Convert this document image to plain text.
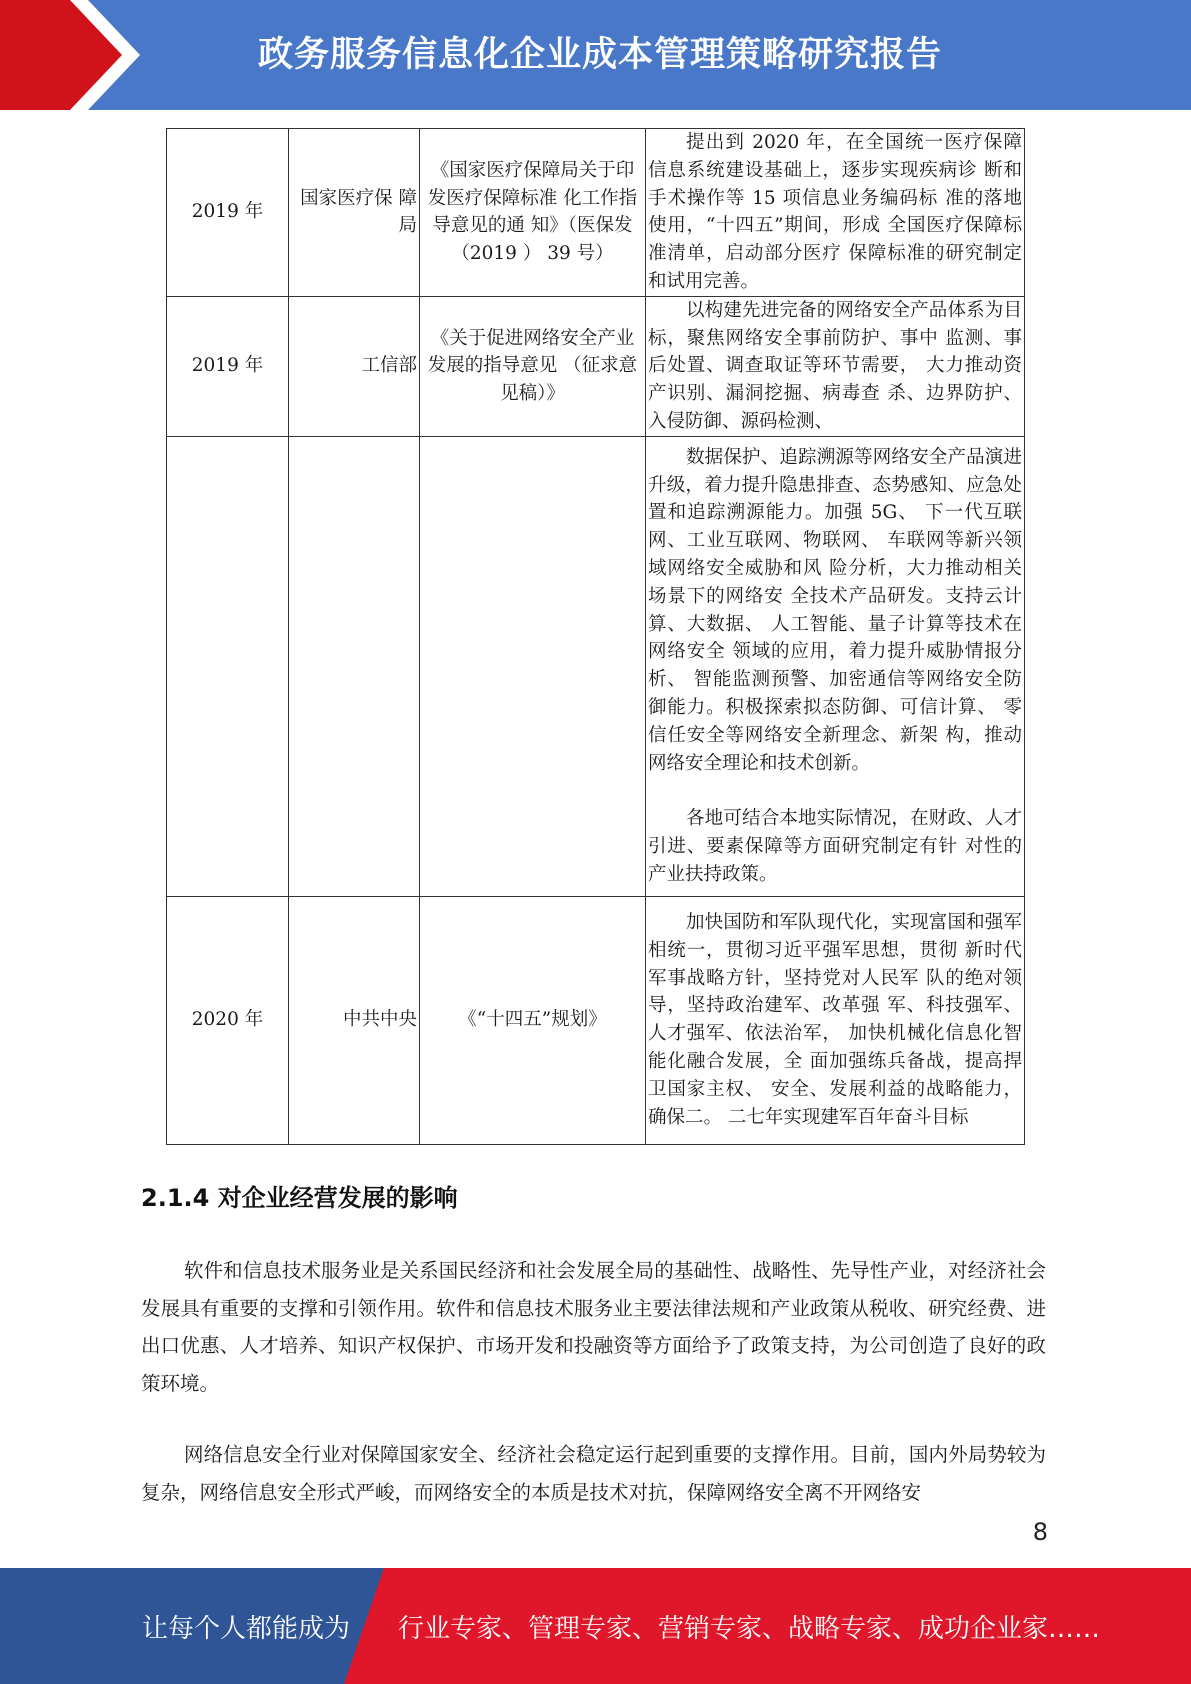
政务服务信息化企业成本管理策略研究报告
2019 年	国家医疗保 障局	《国家医疗保障局关于印发医疗保障标准 化工作指导意见的通 知》（医保发 （2019 ） 39 号）	提出到 2020 年，在全国统一医疗保障信息系统建设基础上，逐步实现疾病诊 断和手术操作等 15 项信息业务编码标 准的落地使用，“十四五”期间，形成 全国医疗保障标准清单，启动部分医疗 保障标准的研究制定和试用完善。

2019 年	工信部	《关于促进网络安全产业发展的指导意见 （征求意见稿）》	以构建先进完备的网络安全产品体系为目标，聚焦网络安全事前防护、事中 监测、事后处置、调查取证等环节需要， 大力推动资产识别、漏洞挖掘、病毒查 杀、边界防护、入侵防御、源码检测、

			数据保护、追踪溯源等网络安全产品演进升级，着力提升隐患排查、态势感知、应急处置和追踪溯源能力。加强 5G、 下一代互联网、工业互联网、物联网、 车联网等新兴领域网络安全威胁和风 险分析，大力推动相关场景下的网络安 全技术产品研发。支持云计算、大数据、 人工智能、量子计算等技术在网络安全 领域的应用，着力提升威胁情报分析、 智能监测预警、加密通信等网络安全防 御能力。积极探索拟态防御、可信计算、 零信任安全等网络安全新理念、新架 构，推动网络安全理论和技术创新。

各地可结合本地实际情况，在财政、人才引进、要素保障等方面研究制定有针 对性的产业扶持政策。

2020 年	中共中央	《“十四五”规划》	加快国防和军队现代化，实现富国和强军相统一，贯彻习近平强军思想，贯彻 新时代军事战略方针，坚持党对人民军 队的绝对领导，坚持政治建军、改革强 军、科技强军、人才强军、依法治军， 加快机械化信息化智能化融合发展，全 面加强练兵备战，提高捍卫国家主权、 安全、发展利益的战略能力，确保二。 二七年实现建军百年奋斗目标

2.1.4 对企业经营发展的影响

软件和信息技术服务业是关系国民经济和社会发展全局的基础性、战略性、先导性产业，对经济社会发展具有重要的支撑和引领作用。软件和信息技术服务业主要法律法规和产业政策从税收、研究经费、进出口优惠、人才培养、知识产权保护、市场开发和投融资等方面给予了政策支持，为公司创造了良好的政策环境。

网络信息安全行业对保障国家安全、经济社会稳定运行起到重要的支撑作用。目前，国内外局势较为复杂，网络信息安全形式严峻，而网络安全的本质是技术对抗，保障网络安全离不开网络安

8
让每个人都能成为 行业专家、管理专家、营销专家、战略专家、成功企业家……
